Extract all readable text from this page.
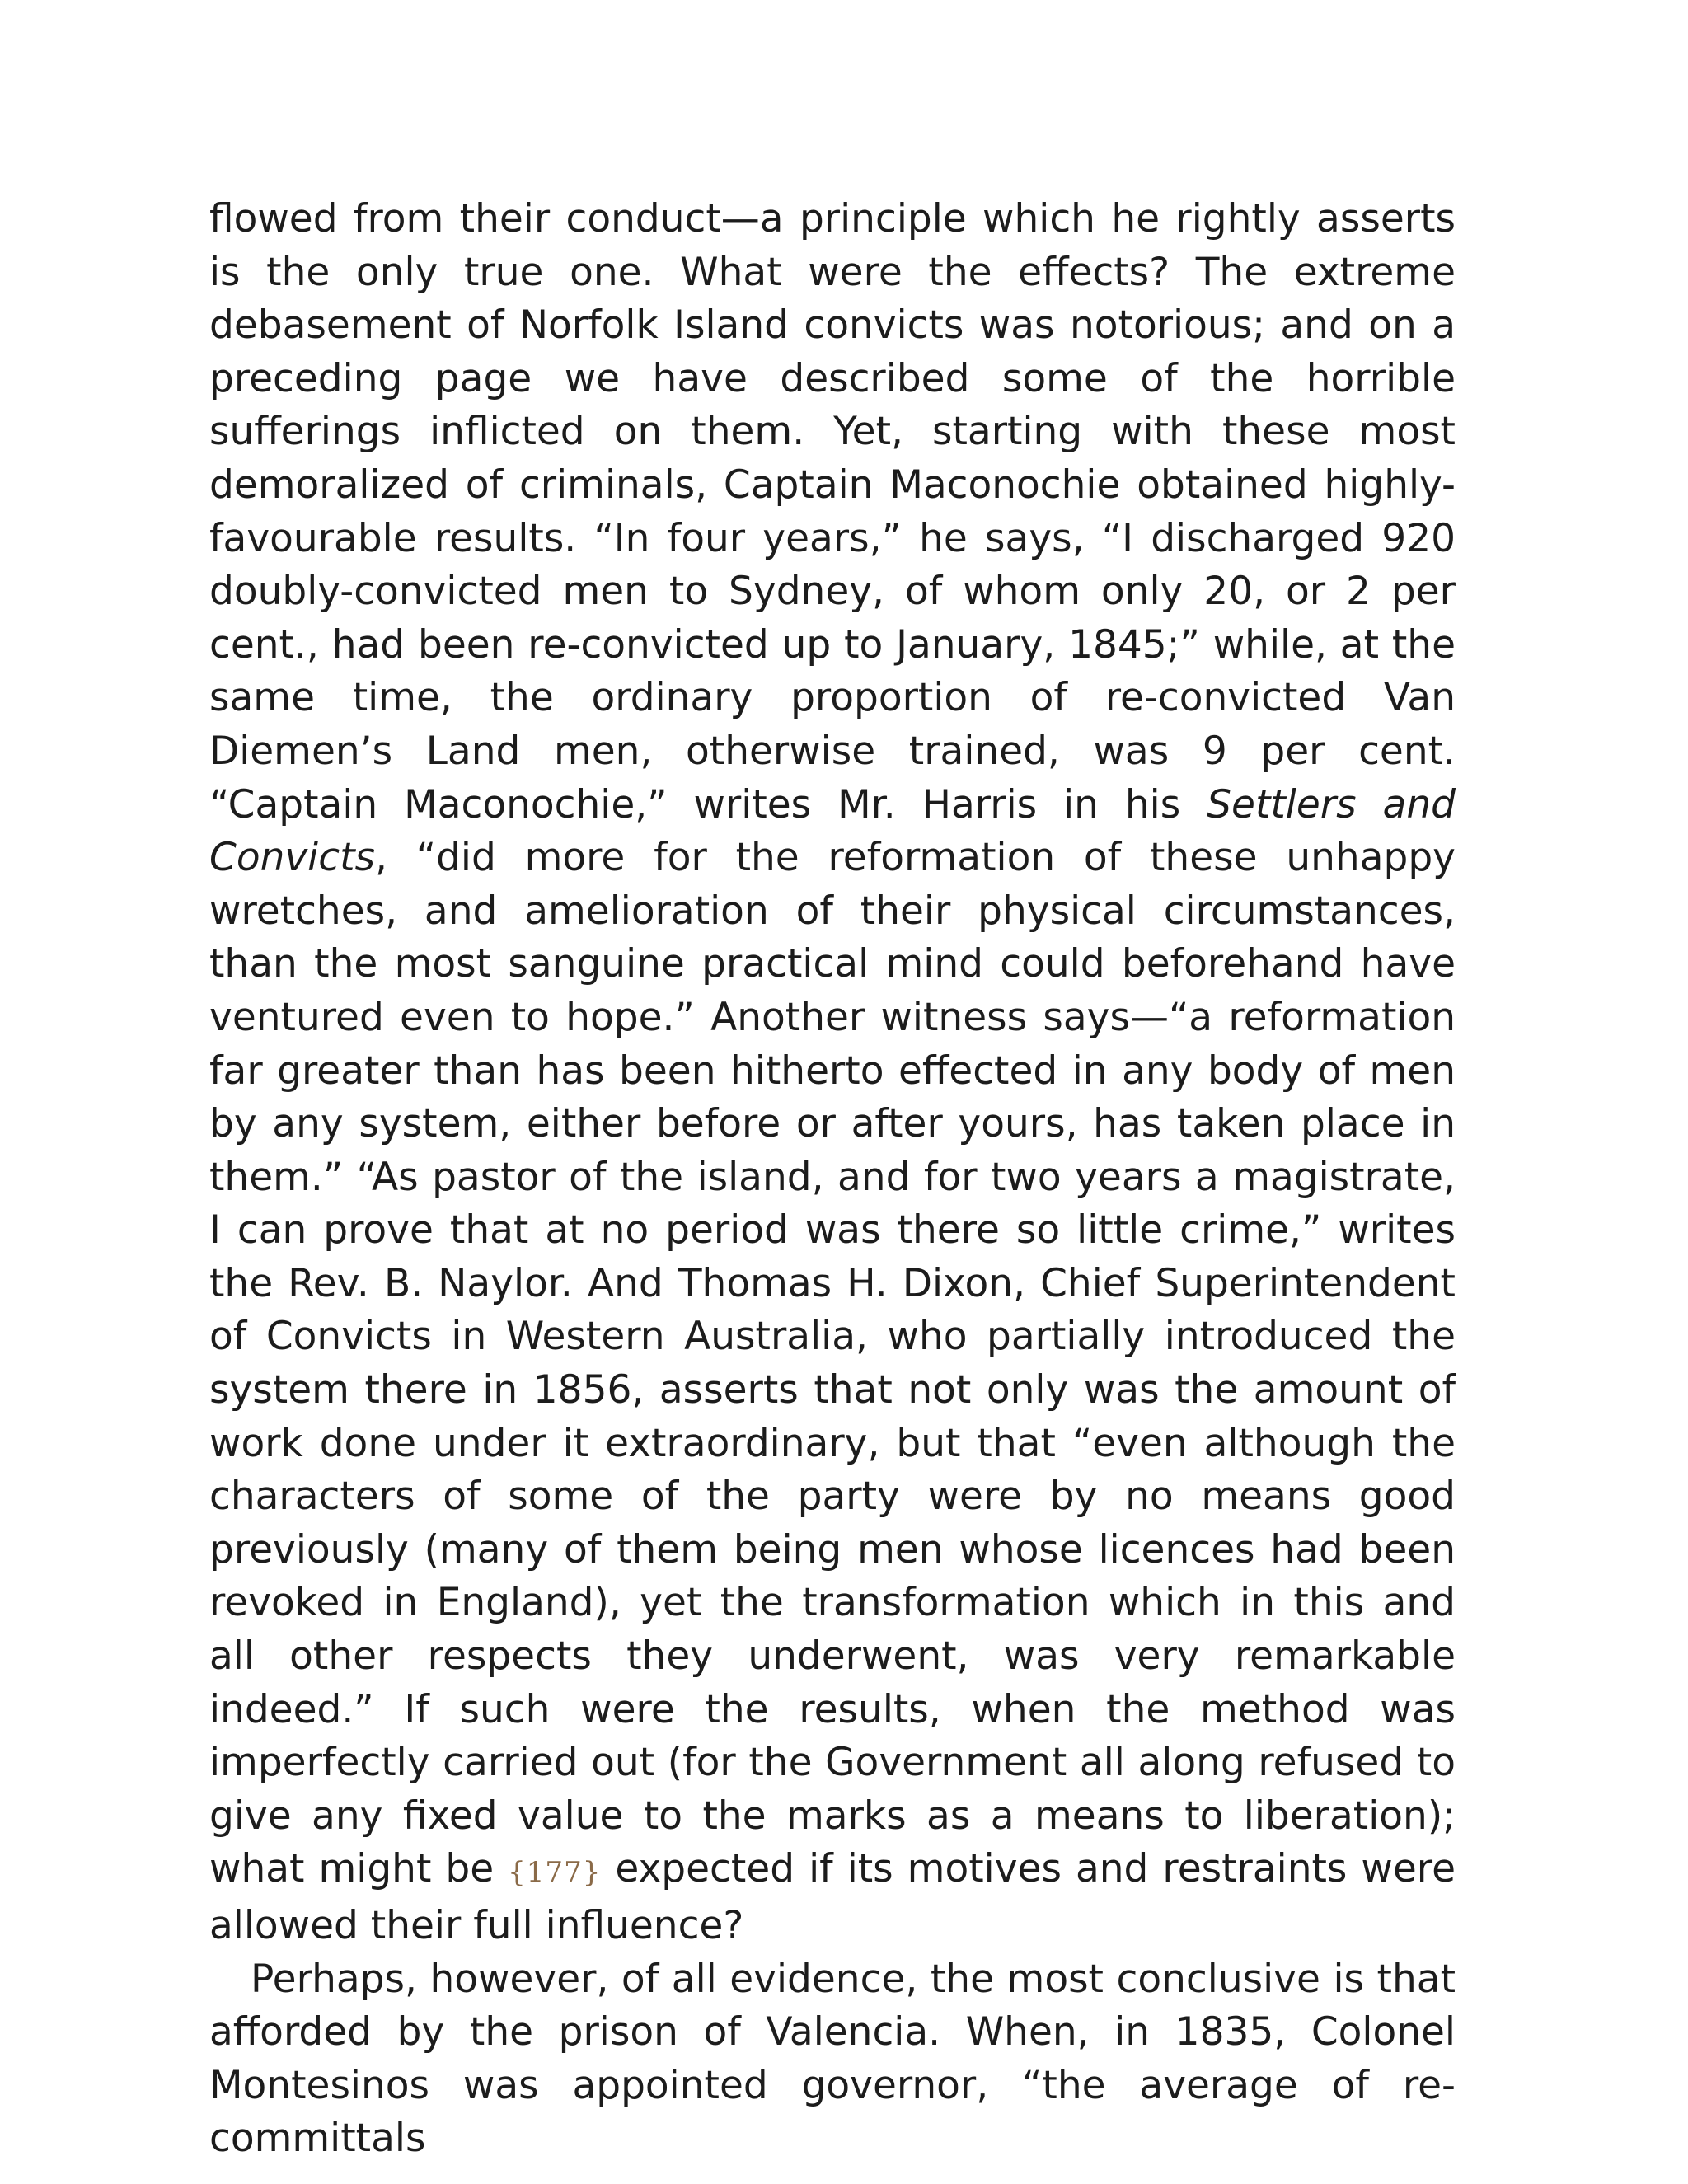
flowed from their conduct—a principle which he rightly asserts is the only true one. What were the effects? The extreme debasement of Norfolk Island convicts was notorious; and on a preceding page we have described some of the horrible sufferings inflicted on them. Yet, starting with these most demoralized of criminals, Captain Maconochie obtained highly-favourable results. “In four years,” he says, “I discharged 920 doubly-convicted men to Sydney, of whom only 20, or 2 per cent., had been re-convicted up to January, 1845;” while, at the same time, the ordinary proportion of re-convicted Van Diemen’s Land men, otherwise trained, was 9 per cent. “Captain Maconochie,” writes Mr. Harris in his Settlers and Convicts, “did more for the reformation of these unhappy wretches, and amelioration of their physical circumstances, than the most sanguine practical mind could beforehand have ventured even to hope.” Another witness says—“a reformation far greater than has been hitherto effected in any body of men by any system, either before or after yours, has taken place in them.” “As pastor of the island, and for two years a magistrate, I can prove that at no period was there so little crime,” writes the Rev. B. Naylor. And Thomas H. Dixon, Chief Superintendent of Convicts in Western Australia, who partially introduced the system there in 1856, asserts that not only was the amount of work done under it extraordinary, but that “even although the characters of some of the party were by no means good previously (many of them being men whose licences had been revoked in England), yet the transformation which in this and all other respects they underwent, was very remarkable indeed.” If such were the results, when the method was imperfectly carried out (for the Government all along refused to give any fixed value to the marks as a means to liberation); what might be {177} expected if its motives and restraints were allowed their full influence?

Perhaps, however, of all evidence, the most conclusive is that afforded by the prison of Valencia. When, in 1835, Colonel Montesinos was appointed governor, “the average of re-committals
